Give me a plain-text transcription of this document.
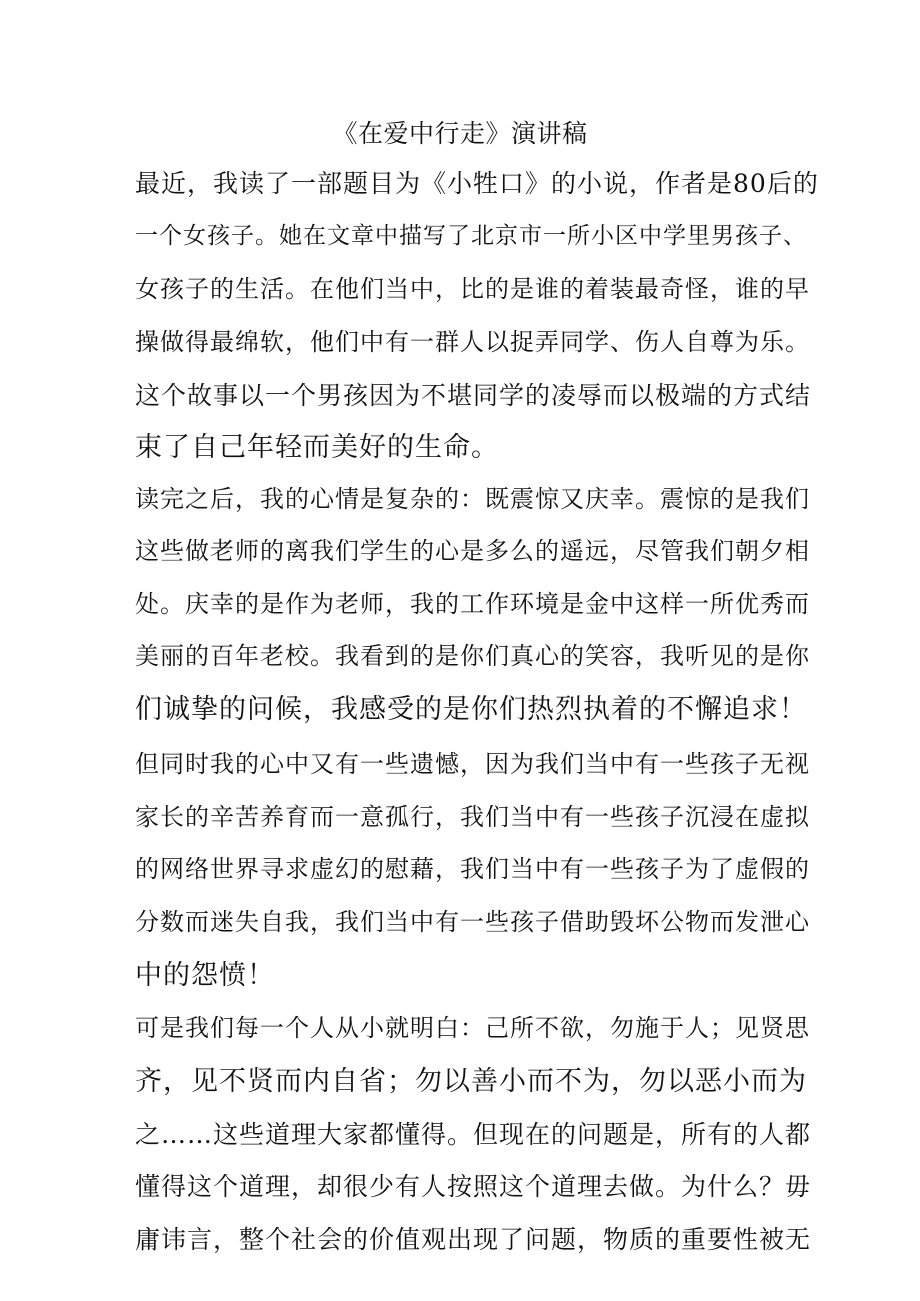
《在爱中行走》演讲稿
最近，我读了一部题目为《小牲口》的小说，作者是80后的
一个女孩子。她在文章中描写了北京市一所小区中学里男孩子、
女孩子的生活。在他们当中，比的是谁的着装最奇怪，谁的早
操做得最绵软，他们中有一群人以捉弄同学、伤人自尊为乐。
这个故事以一个男孩因为不堪同学的凌辱而以极端的方式结
束了自己年轻而美好的生命。
读完之后，我的心情是复杂的：既震惊又庆幸。震惊的是我们
这些做老师的离我们学生的心是多么的遥远，尽管我们朝夕相
处。庆幸的是作为老师，我的工作环境是金中这样一所优秀而
美丽的百年老校。我看到的是你们真心的笑容，我听见的是你
们诚挚的问候，我感受的是你们热烈执着的不懈追求！
但同时我的心中又有一些遗憾，因为我们当中有一些孩子无视
家长的辛苦养育而一意孤行，我们当中有一些孩子沉浸在虚拟
的网络世界寻求虚幻的慰藉，我们当中有一些孩子为了虚假的
分数而迷失自我，我们当中有一些孩子借助毁坏公物而发泄心
中的怨愤！
可是我们每一个人从小就明白：己所不欲，勿施于人；见贤思
齐，见不贤而内自省；勿以善小而不为，勿以恶小而为
之……这些道理大家都懂得。但现在的问题是，所有的人都
懂得这个道理，却很少有人按照这个道理去做。为什么？毋
庸讳言，整个社会的价值观出现了问题，物质的重要性被无
